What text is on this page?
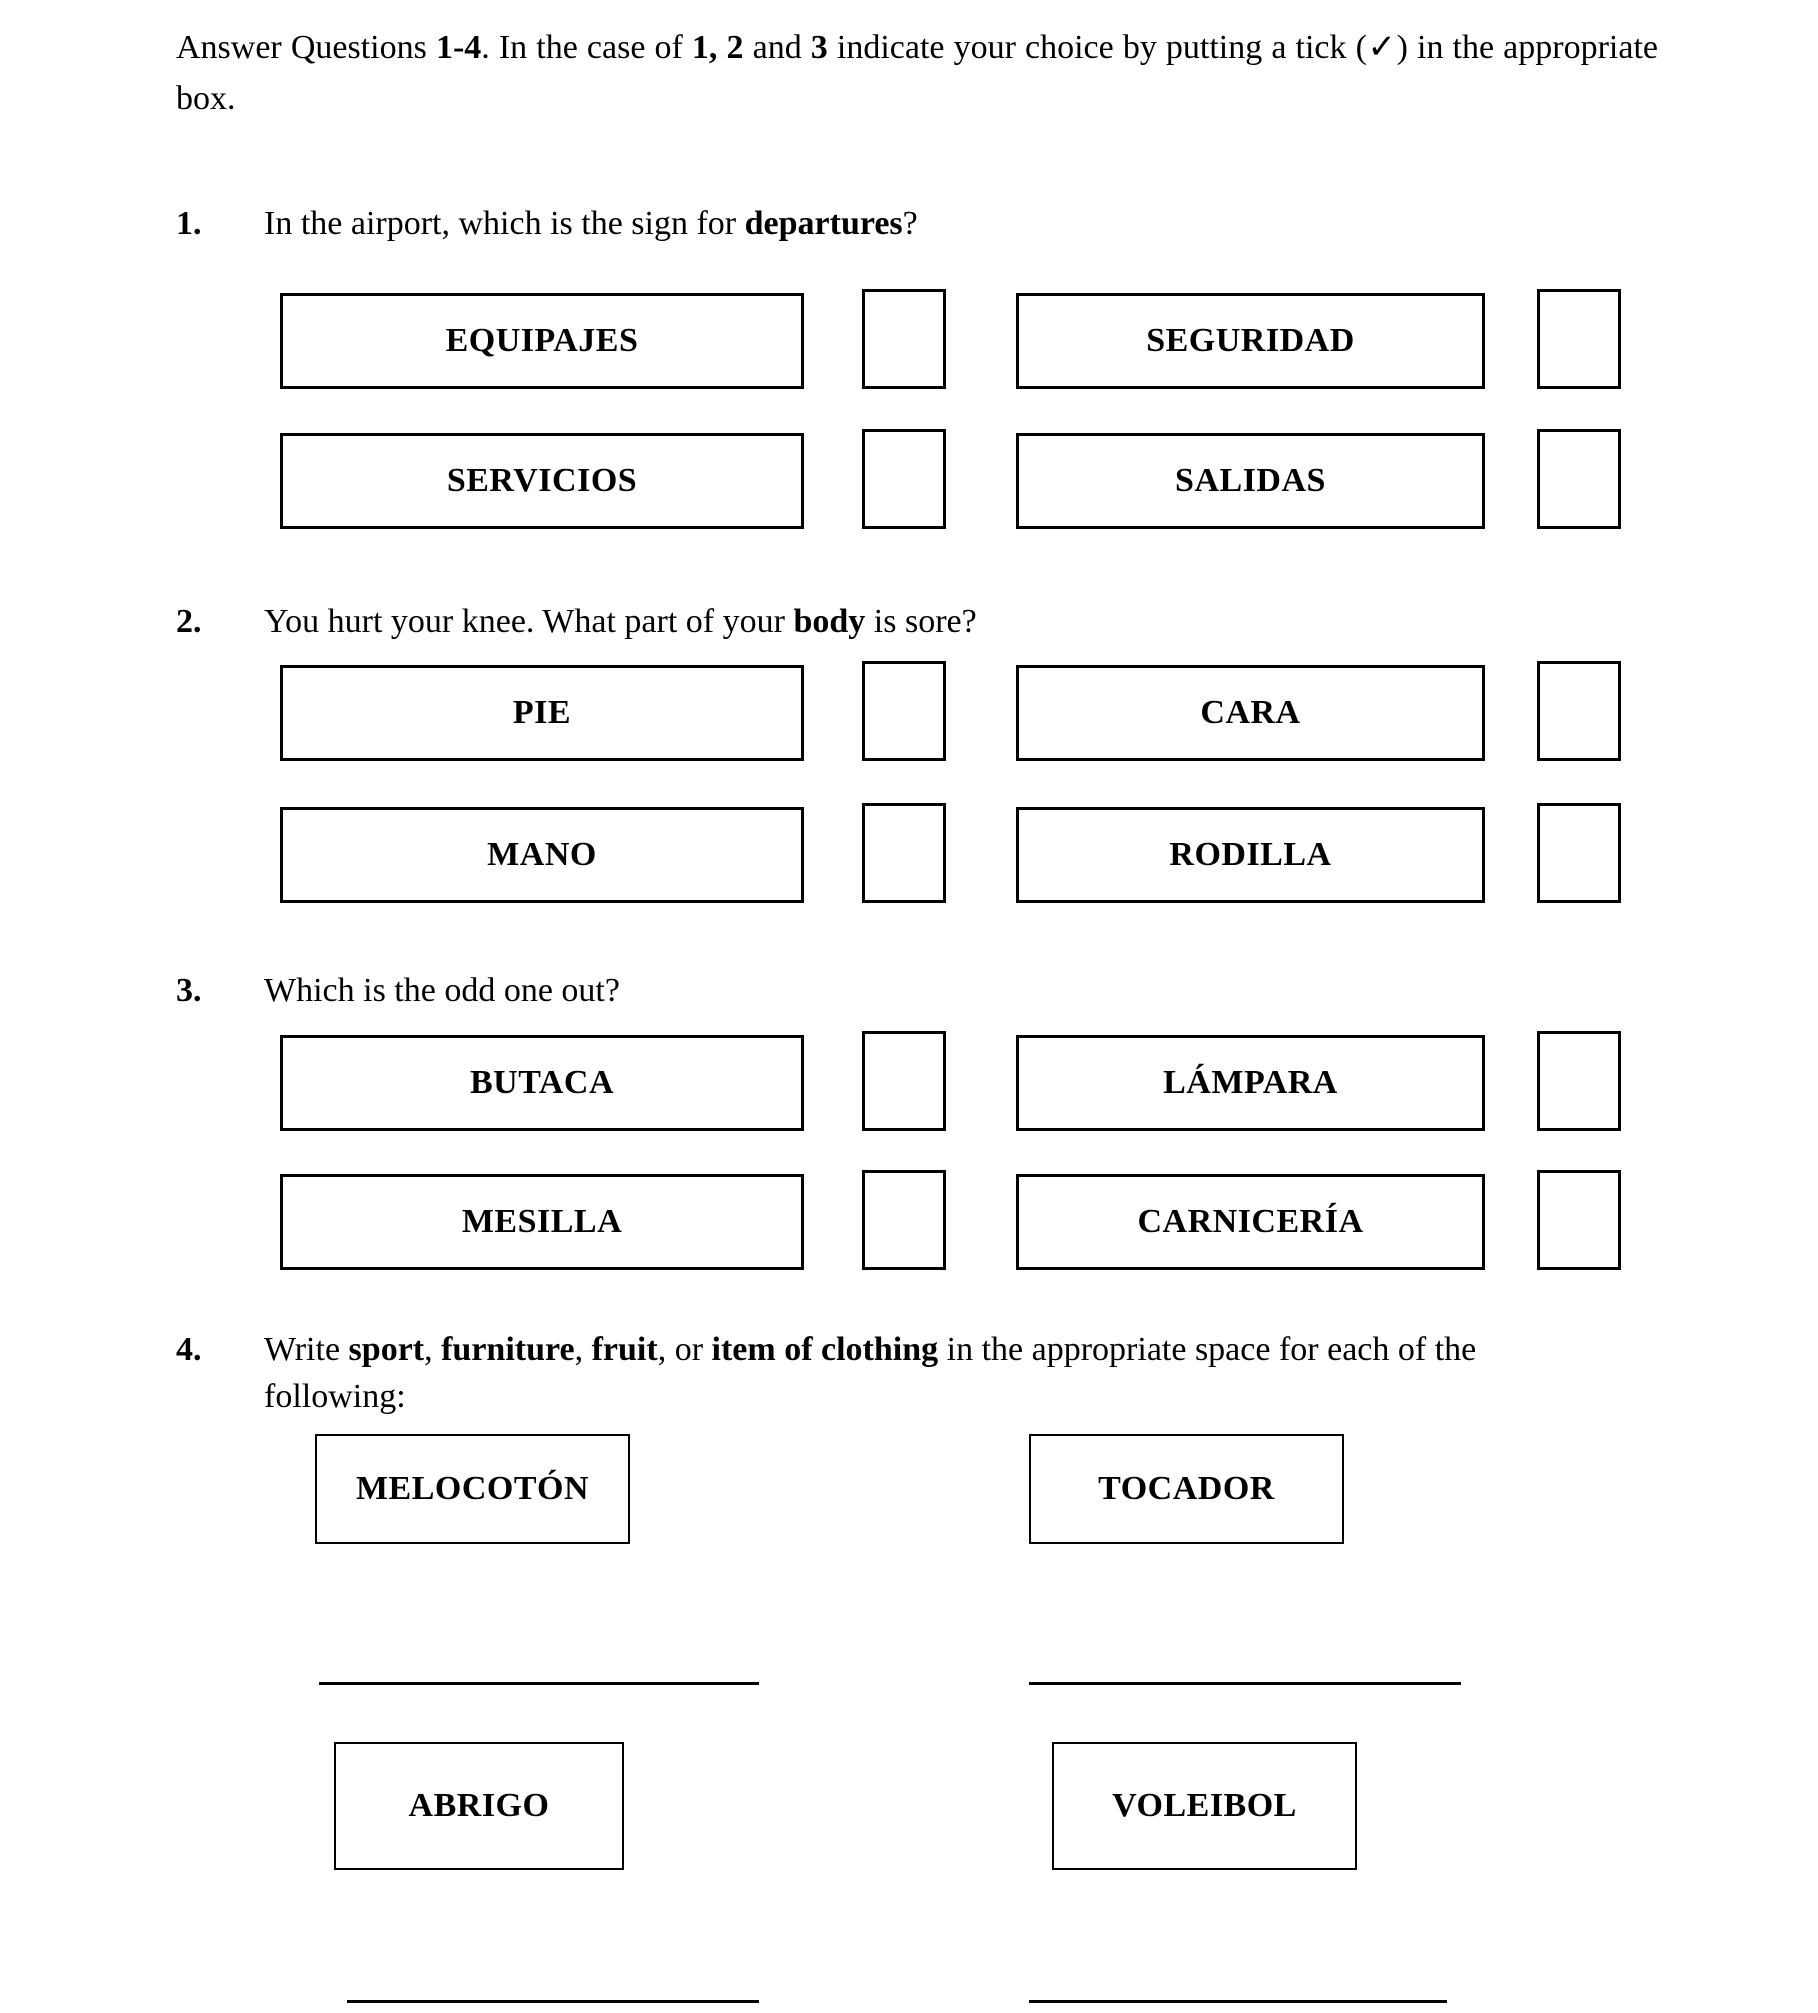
Answer Questions 1-4. In the case of 1, 2 and 3 indicate your choice by putting a tick (✓) in the appropriate box.

1.	In the airport, which is the sign for departures?
EQUIPAJES	SEGURIDAD
SERVICIOS	SALIDAS
2.	You hurt your knee. What part of your body is sore?
PIE	CARA
MANO	RODILLA
3.	Which is the odd one out?
BUTACA	LÁMPARA
MESILLA	CARNICERÍA
4.	Write sport, furniture, fruit, or item of clothing in the appropriate space for each of the following:
MELOCOTÓN	TOCADOR
ABRIGO	VOLEIBOL
